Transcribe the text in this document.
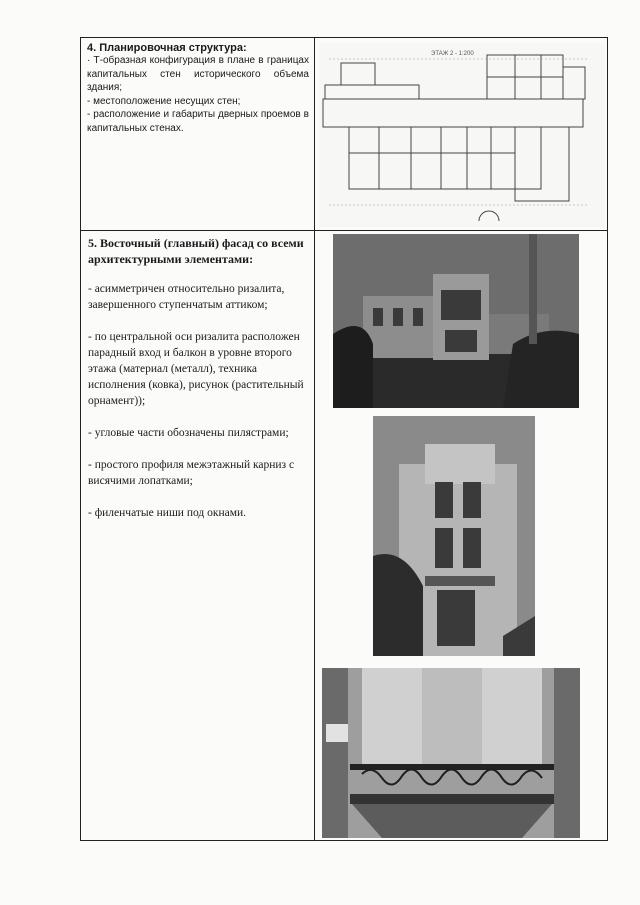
4. Планировочная структура:

· Т-образная конфигурация в плане в границах капитальных стен исторического объема здания;

- местоположение несущих стен;

- расположение и габариты дверных проемов в капитальных стенах.

ЭТАЖ 2 - 1:200
5. Восточный (главный) фасад со всеми архитектурными элементами:

- асимметричен относительно ризалита, завершенного ступенчатым аттиком;

- по центральной оси ризалита расположен парадный вход и балкон в уровне второго этажа (материал (металл), техника исполнения (ковка), рисунок (растительный орнамент));

- угловые части обозначены пилястрами;

- простого профиля межэтажный карниз с висячими лопатками;

- филенчатые ниши под окнами.
